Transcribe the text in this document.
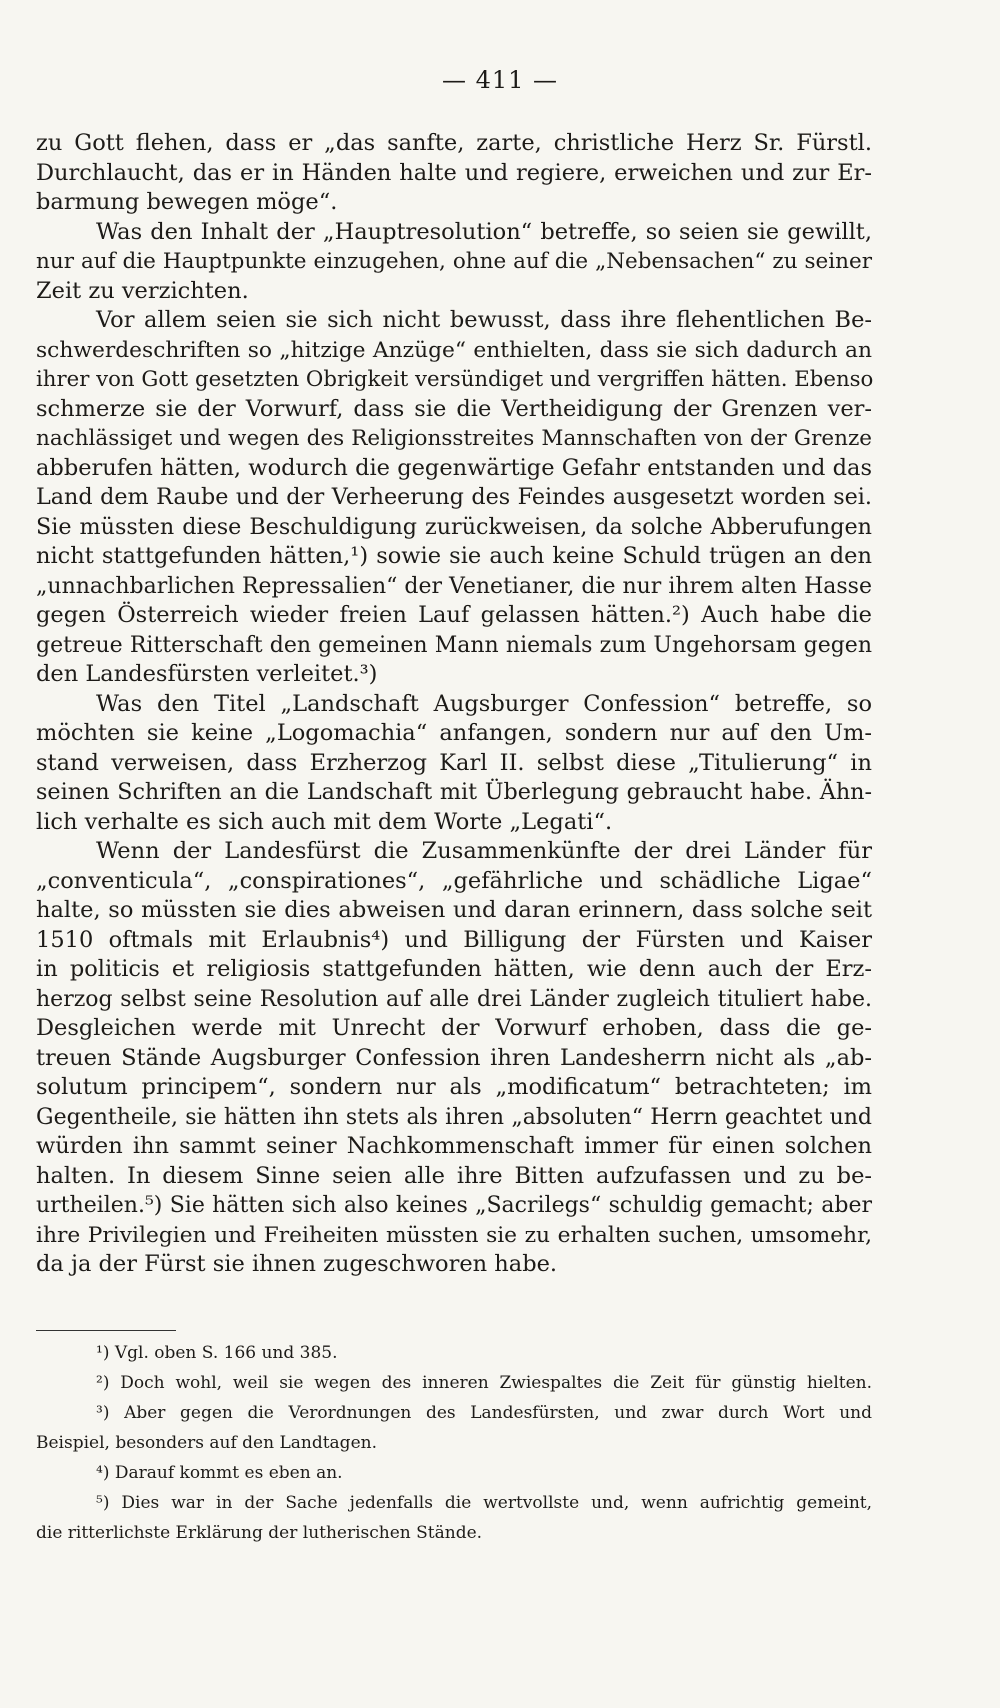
— 411 —
zu Gott flehen, dass er „das sanfte, zarte, christliche Herz Sr. Fürstl.
Durchlaucht, das er in Händen halte und regiere, erweichen und zur Er-
barmung bewegen möge“.
Was den Inhalt der „Hauptresolution“ betreffe, so seien sie gewillt,
nur auf die Hauptpunkte einzugehen, ohne auf die „Nebensachen“ zu seiner
Zeit zu verzichten.
Vor allem seien sie sich nicht bewusst, dass ihre flehentlichen Be-
schwerdeschriften so „hitzige Anzüge“ enthielten, dass sie sich dadurch an
ihrer von Gott gesetzten Obrigkeit versündiget und vergriffen hätten. Ebenso
schmerze sie der Vorwurf, dass sie die Vertheidigung der Grenzen ver-
nachlässiget und wegen des Religionsstreites Mannschaften von der Grenze
abberufen hätten, wodurch die gegenwärtige Gefahr entstanden und das
Land dem Raube und der Verheerung des Feindes ausgesetzt worden sei.
Sie müssten diese Beschuldigung zurückweisen, da solche Abberufungen
nicht stattgefunden hätten,¹) sowie sie auch keine Schuld trügen an den
„unnachbarlichen Repressalien“ der Venetianer, die nur ihrem alten Hasse
gegen Österreich wieder freien Lauf gelassen hätten.²) Auch habe die
getreue Ritterschaft den gemeinen Mann niemals zum Ungehorsam gegen
den Landesfürsten verleitet.³)
Was den Titel „Landschaft Augsburger Confession“ betreffe, so
möchten sie keine „Logomachia“ anfangen, sondern nur auf den Um-
stand verweisen, dass Erzherzog Karl II. selbst diese „Titulierung“ in
seinen Schriften an die Landschaft mit Überlegung gebraucht habe. Ähn-
lich verhalte es sich auch mit dem Worte „Legati“.
Wenn der Landesfürst die Zusammenkünfte der drei Länder für
„conventicula“, „conspirationes“, „gefährliche und schädliche Ligae“
halte, so müssten sie dies abweisen und daran erinnern, dass solche seit
1510 oftmals mit Erlaubnis⁴) und Billigung der Fürsten und Kaiser
in politicis et religiosis stattgefunden hätten, wie denn auch der Erz-
herzog selbst seine Resolution auf alle drei Länder zugleich tituliert habe.
Desgleichen werde mit Unrecht der Vorwurf erhoben, dass die ge-
treuen Stände Augsburger Confession ihren Landesherrn nicht als „ab-
solutum principem“, sondern nur als „modificatum“ betrachteten; im
Gegentheile, sie hätten ihn stets als ihren „absoluten“ Herrn geachtet und
würden ihn sammt seiner Nachkommenschaft immer für einen solchen
halten. In diesem Sinne seien alle ihre Bitten aufzufassen und zu be-
urtheilen.⁵) Sie hätten sich also keines „Sacrilegs“ schuldig gemacht; aber
ihre Privilegien und Freiheiten müssten sie zu erhalten suchen, umsomehr,
da ja der Fürst sie ihnen zugeschworen habe.
¹) Vgl. oben S. 166 und 385.
²) Doch wohl, weil sie wegen des inneren Zwiespaltes die Zeit für günstig hielten.
³) Aber gegen die Verordnungen des Landesfürsten, und zwar durch Wort und
Beispiel, besonders auf den Landtagen.
⁴) Darauf kommt es eben an.
⁵) Dies war in der Sache jedenfalls die wertvollste und, wenn aufrichtig gemeint,
die ritterlichste Erklärung der lutherischen Stände.
